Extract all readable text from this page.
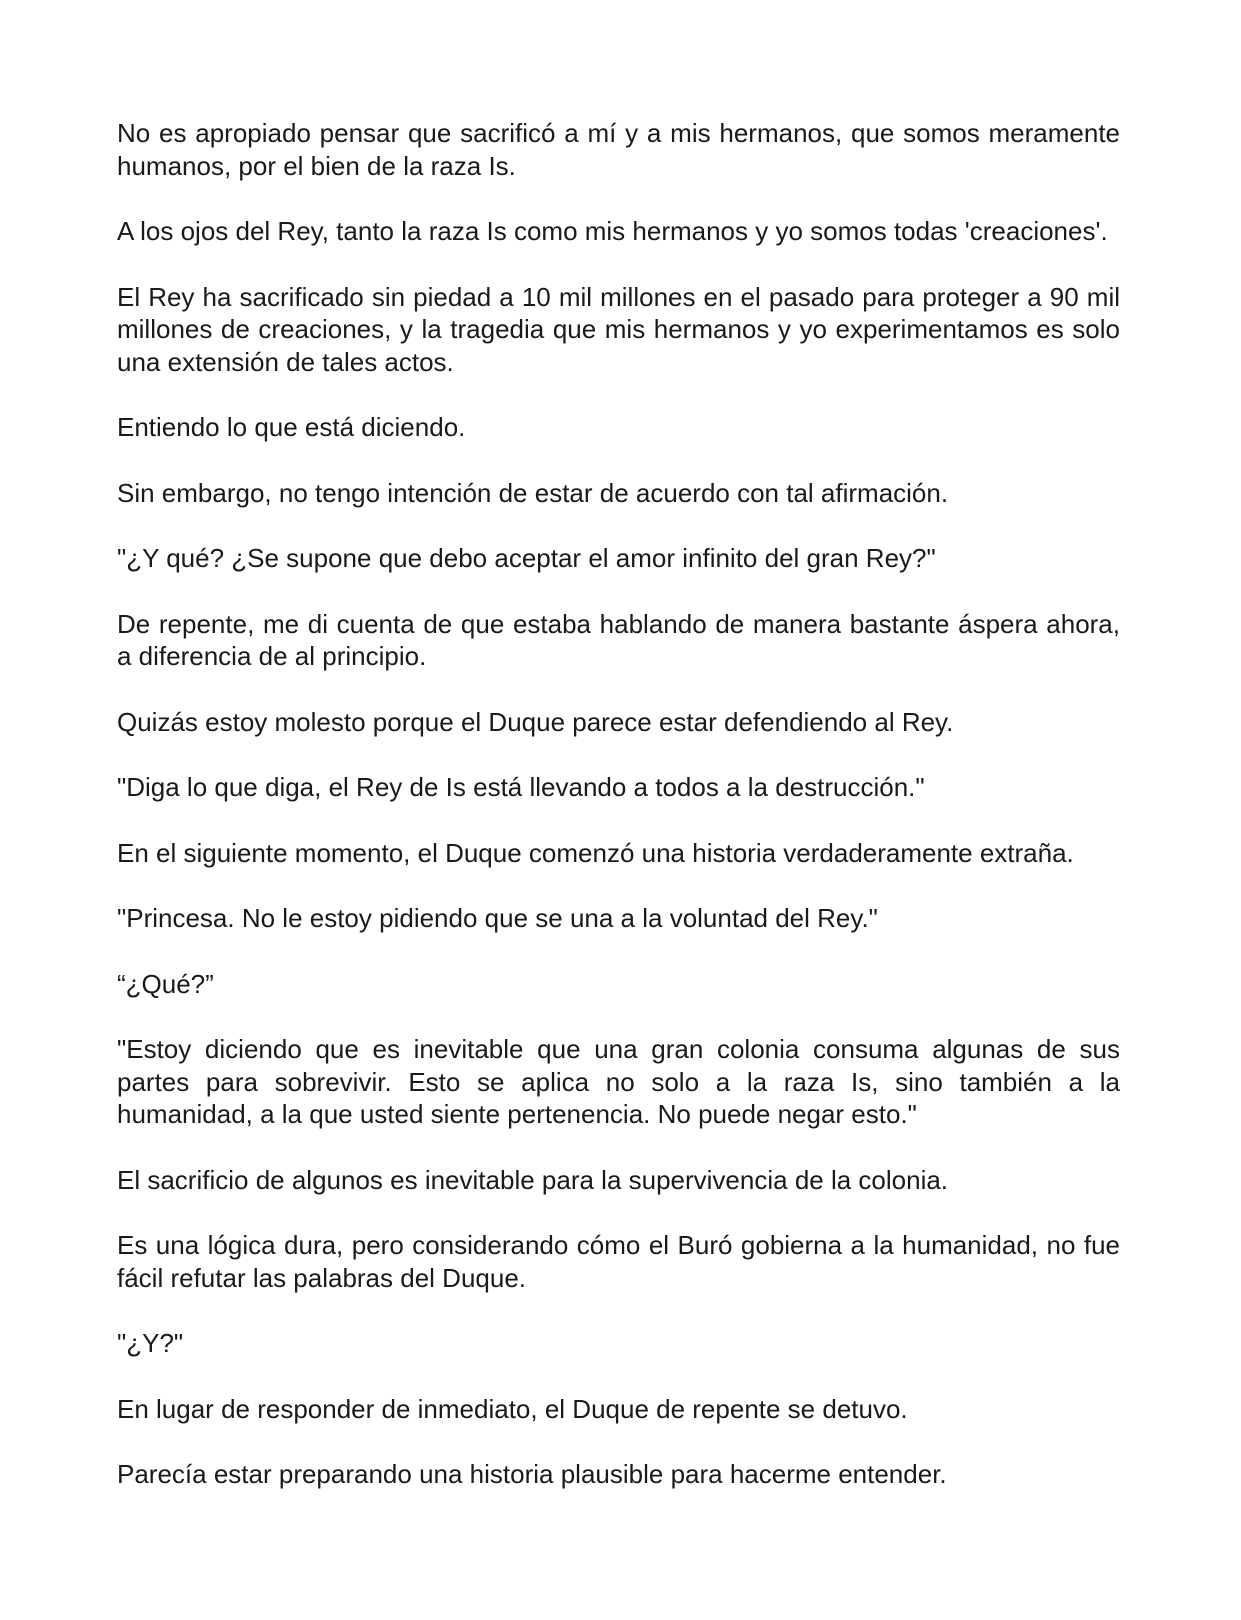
No es apropiado pensar que sacrificó a mí y a mis hermanos, que somos meramente humanos, por el bien de la raza Is.

A los ojos del Rey, tanto la raza Is como mis hermanos y yo somos todas 'creaciones'.

El Rey ha sacrificado sin piedad a 10 mil millones en el pasado para proteger a 90 mil millones de creaciones, y la tragedia que mis hermanos y yo experimentamos es solo una extensión de tales actos.

Entiendo lo que está diciendo.

Sin embargo, no tengo intención de estar de acuerdo con tal afirmación.

"¿Y qué? ¿Se supone que debo aceptar el amor infinito del gran Rey?"

De repente, me di cuenta de que estaba hablando de manera bastante áspera ahora, a diferencia de al principio.

Quizás estoy molesto porque el Duque parece estar defendiendo al Rey.

"Diga lo que diga, el Rey de Is está llevando a todos a la destrucción."

En el siguiente momento, el Duque comenzó una historia verdaderamente extraña.

"Princesa. No le estoy pidiendo que se una a la voluntad del Rey."

“¿Qué?”

"Estoy diciendo que es inevitable que una gran colonia consuma algunas de sus partes para sobrevivir. Esto se aplica no solo a la raza Is, sino también a la humanidad, a la que usted siente pertenencia. No puede negar esto."

El sacrificio de algunos es inevitable para la supervivencia de la colonia.

Es una lógica dura, pero considerando cómo el Buró gobierna a la humanidad, no fue fácil refutar las palabras del Duque.

"¿Y?"

En lugar de responder de inmediato, el Duque de repente se detuvo.

Parecía estar preparando una historia plausible para hacerme entender.
